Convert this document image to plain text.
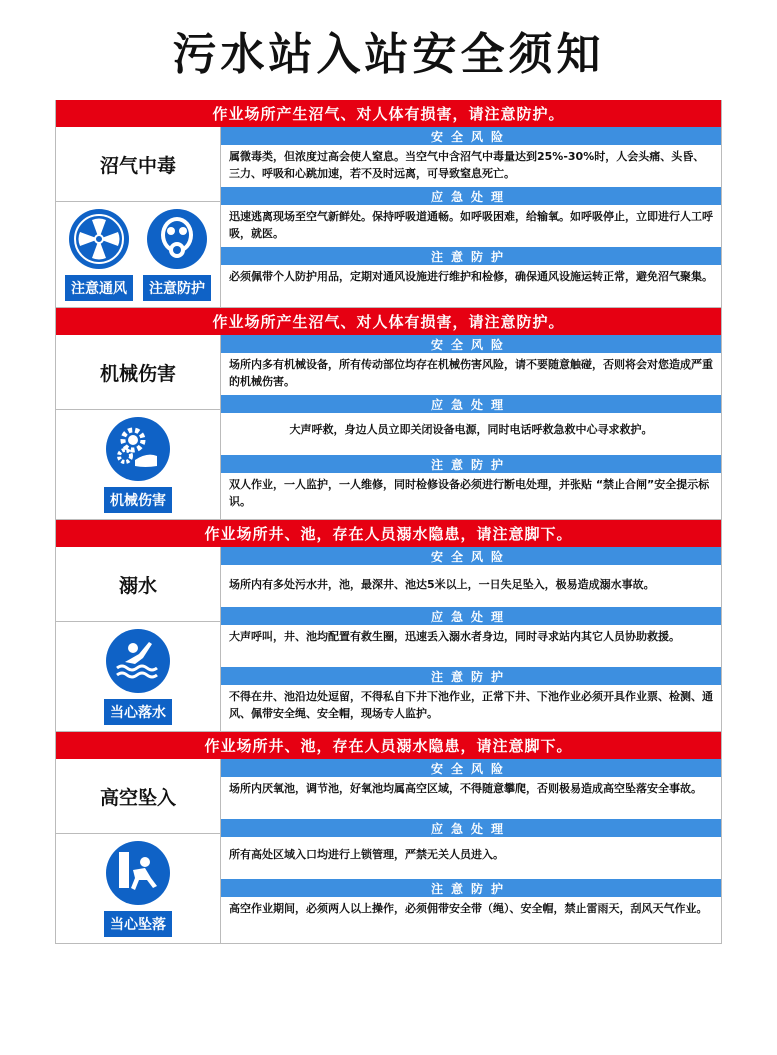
污水站入站安全须知
作业场所产生沼气、对人体有损害，请注意防护。
沼气中毒
注意通风	注意防护
安全风险
属微毒类，但浓度过高会使人窒息。当空气中含沼气中毒量达到25%-30%时，人会头痛、头昏、三力、呼吸和心跳加速，若不及时远离，可导致窒息死亡。
应急处理
迅速逃离现场至空气新鲜处。保持呼吸道通畅。如呼吸困难，给输氧。如呼吸停止，立即进行人工呼吸，就医。
注意防护
必须佩带个人防护用品，定期对通风设施进行维护和检修，确保通风设施运转正常，避免沼气聚集。
作业场所产生沼气、对人体有损害，请注意防护。
机械伤害
机械伤害
安全风险
场所内多有机械设备，所有传动部位均存在机械伤害风险，请不要随意触碰，否则将会对您造成严重的机械伤害。
应急处理
大声呼救，身边人员立即关闭设备电源，同时电话呼救急救中心寻求救护。
注意防护
双人作业，一人监护，一人维修，同时检修设备必须进行断电处理，并张贴 “禁止合闸”安全提示标识。
作业场所井、池，存在人员溺水隐患，请注意脚下。
溺水
当心落水
安全风险
场所内有多处污水井，池，最深井、池达5米以上，一日失足坠入，极易造成溺水事故。
应急处理
大声呼叫，井、池均配置有救生圈，迅速丢入溺水者身边，同时寻求站内其它人员协助救援。
注意防护
不得在井、池沿边处逗留，不得私自下井下池作业，正常下井、下池作业必须开具作业票、检测、通风、佩带安全绳、安全帽，现场专人监护。
作业场所井、池，存在人员溺水隐患，请注意脚下。
高空坠入
当心坠落
安全风险
场所内厌氧池，调节池，好氧池均属高空区域，不得随意攀爬，否则极易造成高空坠落安全事故。
应急处理
所有高处区域入口均进行上锁管理，严禁无关人员进入。
注意防护
高空作业期间，必须两人以上操作，必须佣带安全带（绳）、安全帽，禁止雷雨天，刮风天气作业。
